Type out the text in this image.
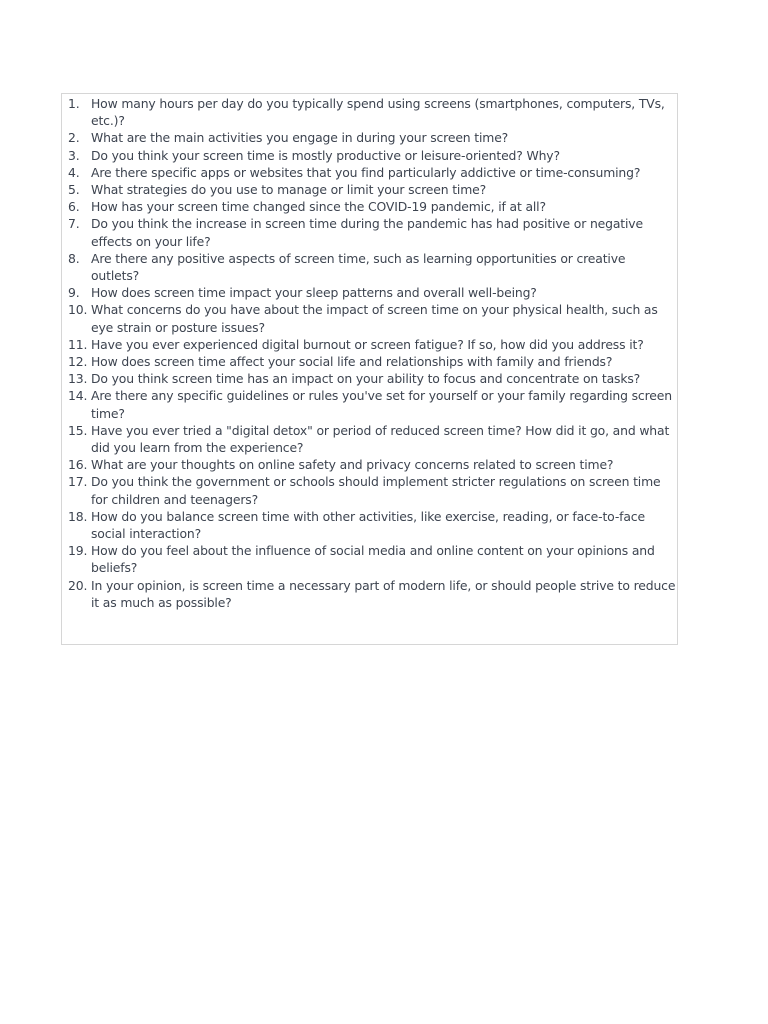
1. How many hours per day do you typically spend using screens (smartphones, computers, TVs, etc.)?
2. What are the main activities you engage in during your screen time?
3. Do you think your screen time is mostly productive or leisure-oriented? Why?
4. Are there specific apps or websites that you find particularly addictive or time-consuming?
5. What strategies do you use to manage or limit your screen time?
6. How has your screen time changed since the COVID-19 pandemic, if at all?
7. Do you think the increase in screen time during the pandemic has had positive or negative effects on your life?
8. Are there any positive aspects of screen time, such as learning opportunities or creative outlets?
9. How does screen time impact your sleep patterns and overall well-being?
10. What concerns do you have about the impact of screen time on your physical health, such as eye strain or posture issues?
11. Have you ever experienced digital burnout or screen fatigue? If so, how did you address it?
12. How does screen time affect your social life and relationships with family and friends?
13. Do you think screen time has an impact on your ability to focus and concentrate on tasks?
14. Are there any specific guidelines or rules you've set for yourself or your family regarding screen time?
15. Have you ever tried a "digital detox" or period of reduced screen time? How did it go, and what did you learn from the experience?
16. What are your thoughts on online safety and privacy concerns related to screen time?
17. Do you think the government or schools should implement stricter regulations on screen time for children and teenagers?
18. How do you balance screen time with other activities, like exercise, reading, or face-to-face social interaction?
19. How do you feel about the influence of social media and online content on your opinions and beliefs?
20. In your opinion, is screen time a necessary part of modern life, or should people strive to reduce it as much as possible?
